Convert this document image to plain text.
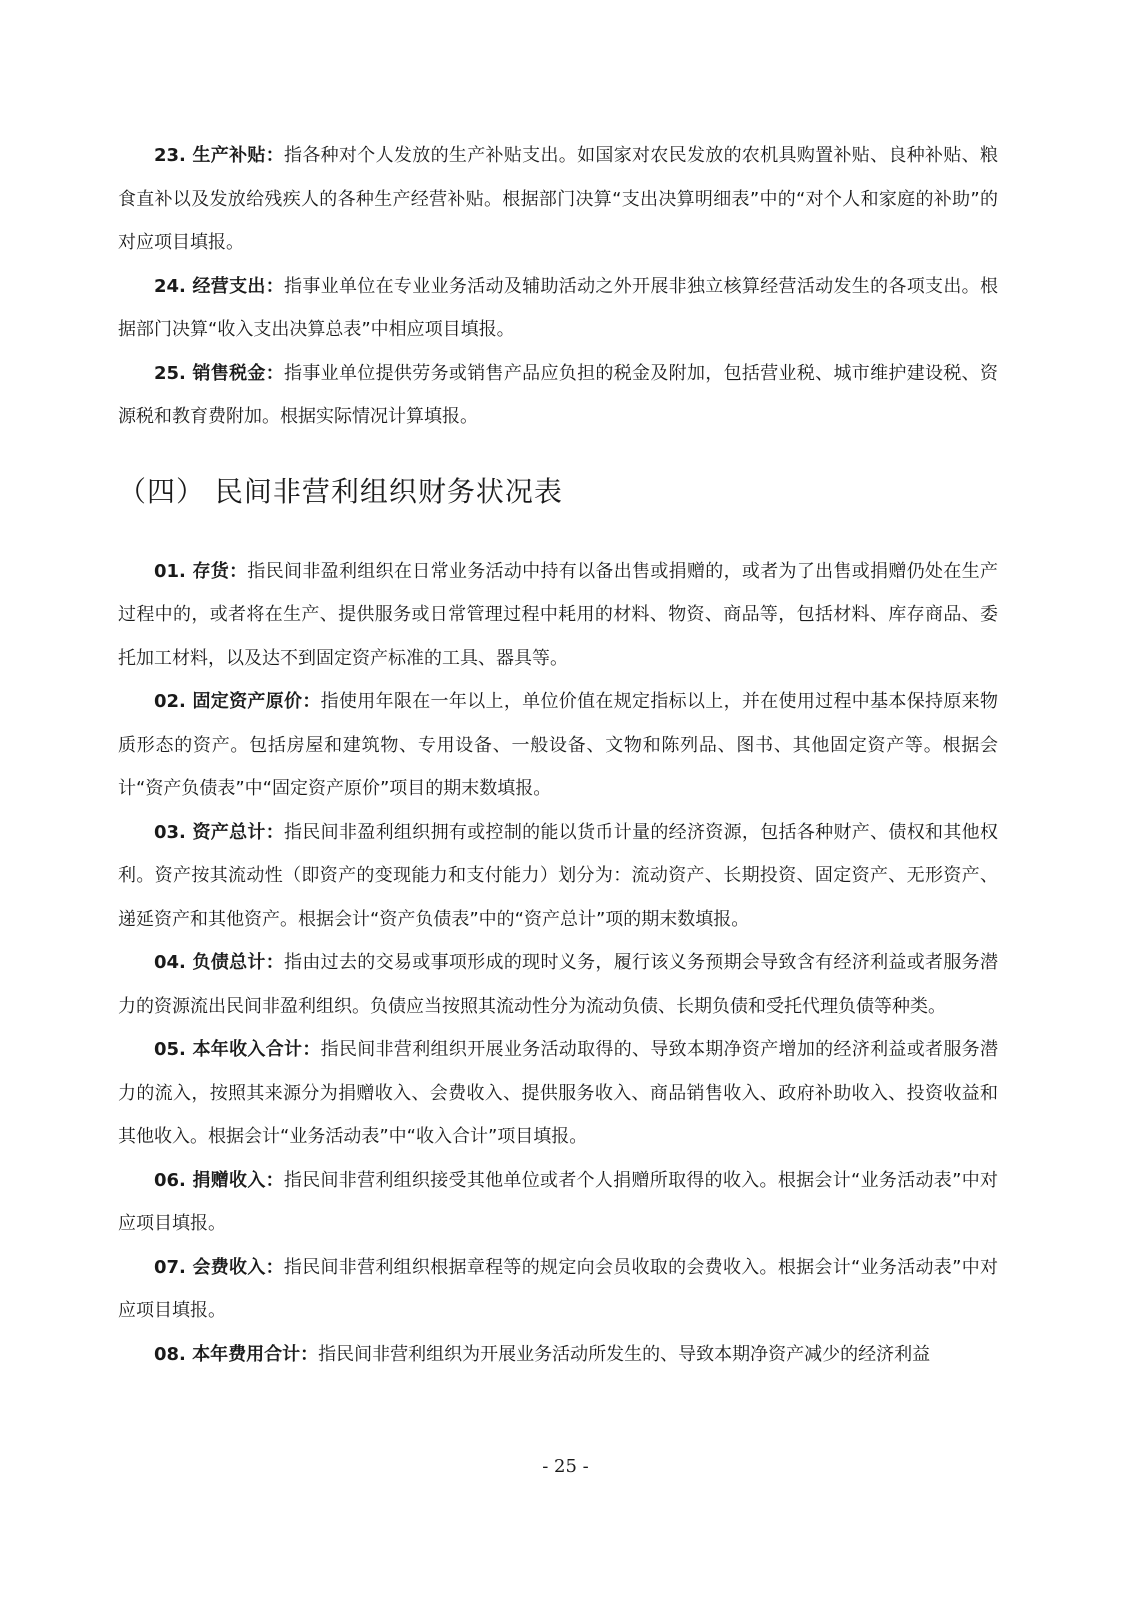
23. 生产补贴：指各种对个人发放的生产补贴支出。如国家对农民发放的农机具购置补贴、良种补贴、粮食直补以及发放给残疾人的各种生产经营补贴。根据部门决算“支出决算明细表”中的“对个人和家庭的补助”的对应项目填报。

24. 经营支出：指事业单位在专业业务活动及辅助活动之外开展非独立核算经营活动发生的各项支出。根据部门决算“收入支出决算总表”中相应项目填报。

25. 销售税金：指事业单位提供劳务或销售产品应负担的税金及附加，包括营业税、城市维护建设税、资源税和教育费附加。根据实际情况计算填报。

（四） 民间非营利组织财务状况表

01. 存货：指民间非盈利组织在日常业务活动中持有以备出售或捐赠的，或者为了出售或捐赠仍处在生产过程中的，或者将在生产、提供服务或日常管理过程中耗用的材料、物资、商品等，包括材料、库存商品、委托加工材料，以及达不到固定资产标准的工具、器具等。

02. 固定资产原价：指使用年限在一年以上，单位价值在规定指标以上，并在使用过程中基本保持原来物质形态的资产。包括房屋和建筑物、专用设备、一般设备、文物和陈列品、图书、其他固定资产等。根据会计“资产负债表”中“固定资产原价”项目的期末数填报。

03. 资产总计：指民间非盈利组织拥有或控制的能以货币计量的经济资源，包括各种财产、债权和其他权利。资产按其流动性（即资产的变现能力和支付能力）划分为：流动资产、长期投资、固定资产、无形资产、递延资产和其他资产。根据会计“资产负债表”中的“资产总计”项的期末数填报。

04. 负债总计：指由过去的交易或事项形成的现时义务，履行该义务预期会导致含有经济利益或者服务潜力的资源流出民间非盈利组织。负债应当按照其流动性分为流动负债、长期负债和受托代理负债等种类。

05. 本年收入合计：指民间非营利组织开展业务活动取得的、导致本期净资产增加的经济利益或者服务潜力的流入，按照其来源分为捐赠收入、会费收入、提供服务收入、商品销售收入、政府补助收入、投资收益和其他收入。根据会计“业务活动表”中“收入合计”项目填报。

06. 捐赠收入：指民间非营利组织接受其他单位或者个人捐赠所取得的收入。根据会计“业务活动表”中对应项目填报。

07. 会费收入：指民间非营利组织根据章程等的规定向会员收取的会费收入。根据会计“业务活动表”中对应项目填报。

08. 本年费用合计：指民间非营利组织为开展业务活动所发生的、导致本期净资产减少的经济利益

- 25 -
